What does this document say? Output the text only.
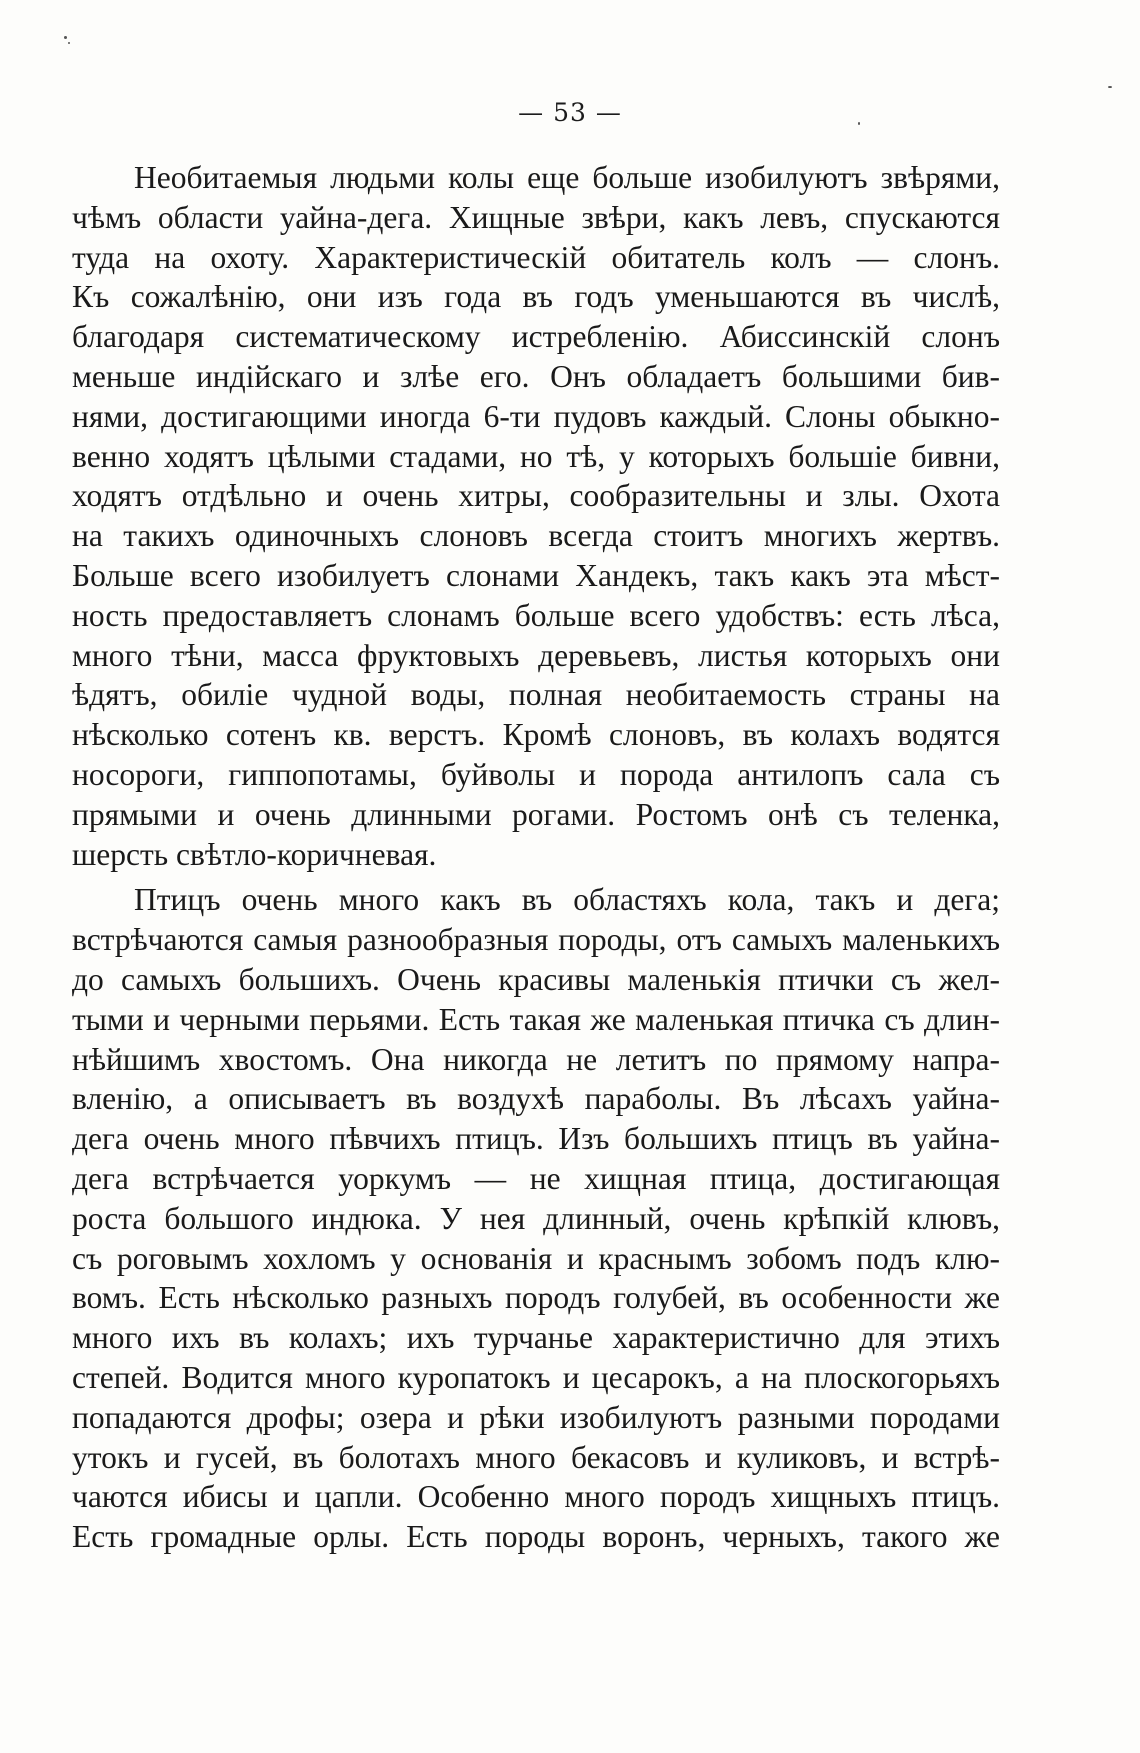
— 53 —
Необитаемыя людьми колы еще больше изобилуютъ звѣрями,
чѣмъ области уайна-дега. Хищные звѣри, какъ левъ, спускаются
туда на охоту. Характеристическій обитатель колъ — слонъ.
Къ сожалѣнію, они изъ года въ годъ уменьшаются въ числѣ,
благодаря систематическому истребленію. Абиссинскій слонъ
меньше индійскаго и злѣе его. Онъ обладаетъ большими бив-
нями, достигающими иногда 6-ти пудовъ каждый. Слоны обыкно-
венно ходятъ цѣлыми стадами, но тѣ, у которыхъ большіе бивни,
ходятъ отдѣльно и очень хитры, сообразительны и злы. Охота
на такихъ одиночныхъ слоновъ всегда стоитъ многихъ жертвъ.
Больше всего изобилуетъ слонами Хандекъ, такъ какъ эта мѣст-
ность предоставляетъ слонамъ больше всего удобствъ: есть лѣса,
много тѣни, масса фруктовыхъ деревьевъ, листья которыхъ они
ѣдятъ, обиліе чудной воды, полная необитаемость страны на
нѣсколько сотенъ кв. верстъ. Кромѣ слоновъ, въ колахъ водятся
носороги, гиппопотамы, буйволы и порода антилопъ сала съ
прямыми и очень длинными рогами. Ростомъ онѣ съ теленка,
шерсть свѣтло-коричневая.
Птицъ очень много какъ въ областяхъ кола, такъ и дега;
встрѣчаются самыя разнообразныя породы, отъ самыхъ маленькихъ
до самыхъ большихъ. Очень красивы маленькія птички съ жел-
тыми и черными перьями. Есть такая же маленькая птичка съ длин-
нѣйшимъ хвостомъ. Она никогда не летитъ по прямому напра-
вленію, а описываетъ въ воздухѣ параболы. Въ лѣсахъ уайна-
дега очень много пѣвчихъ птицъ. Изъ большихъ птицъ въ уайна-
дега встрѣчается уоркумъ — не хищная птица, достигающая
роста большого индюка. У нея длинный, очень крѣпкій клювъ,
съ роговымъ хохломъ у основанія и краснымъ зобомъ подъ клю-
вомъ. Есть нѣсколько разныхъ породъ голубей, въ особенности же
много ихъ въ колахъ; ихъ турчанье характеристично для этихъ
степей. Водится много куропатокъ и цесарокъ, а на плоскогорьяхъ
попадаются дрофы; озера и рѣки изобилуютъ разными породами
утокъ и гусей, въ болотахъ много бекасовъ и куликовъ, и встрѣ-
чаются ибисы и цапли. Особенно много породъ хищныхъ птицъ.
Есть громадные орлы. Есть породы воронъ, черныхъ, такого же
